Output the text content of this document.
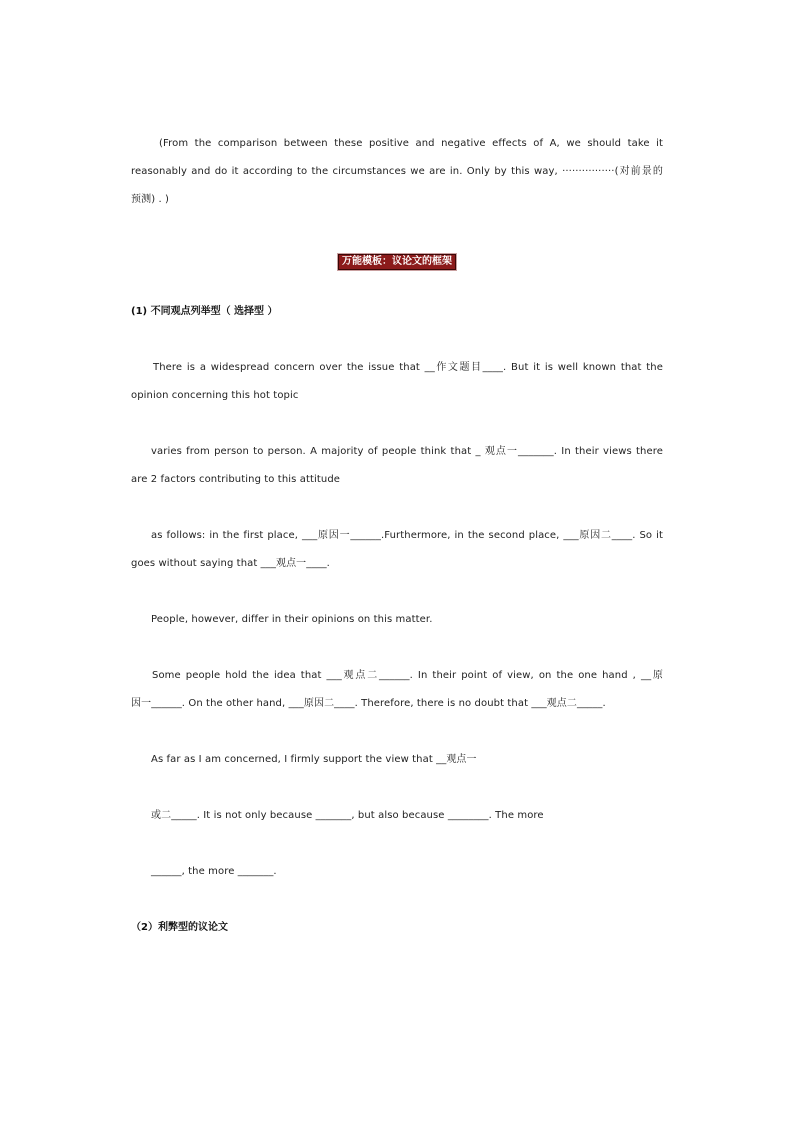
(From the comparison between these positive and negative effects of A, we should take it
reasonably and do it according to the circumstances we are in. Only by this way, ················(对前景的
预测) . )
万能模板：议论文的框架
(1) 不同观点列举型（ 选择型 ）
There is a widespread concern over the issue that __作文题目____. But it is well known that the
opinion concerning this hot topic
varies from person to person. A majority of people think that _ 观点一_______. In their views there
are 2 factors contributing to this attitude
as follows: in the first place, ___原因一______.Furthermore, in the second place, ___原因二____. So it
goes without saying that ___观点一____.
People, however, differ in their opinions on this matter.
Some people hold the idea that ___观点二______. In their point of view, on the one hand , __原
因一______. On the other hand, ___原因二____. Therefore, there is no doubt that ___观点二_____.
As far as I am concerned, I firmly support the view that __观点一
或二_____. It is not only because _______, but also because ________. The more
______, the more _______.
（2）利弊型的议论文
